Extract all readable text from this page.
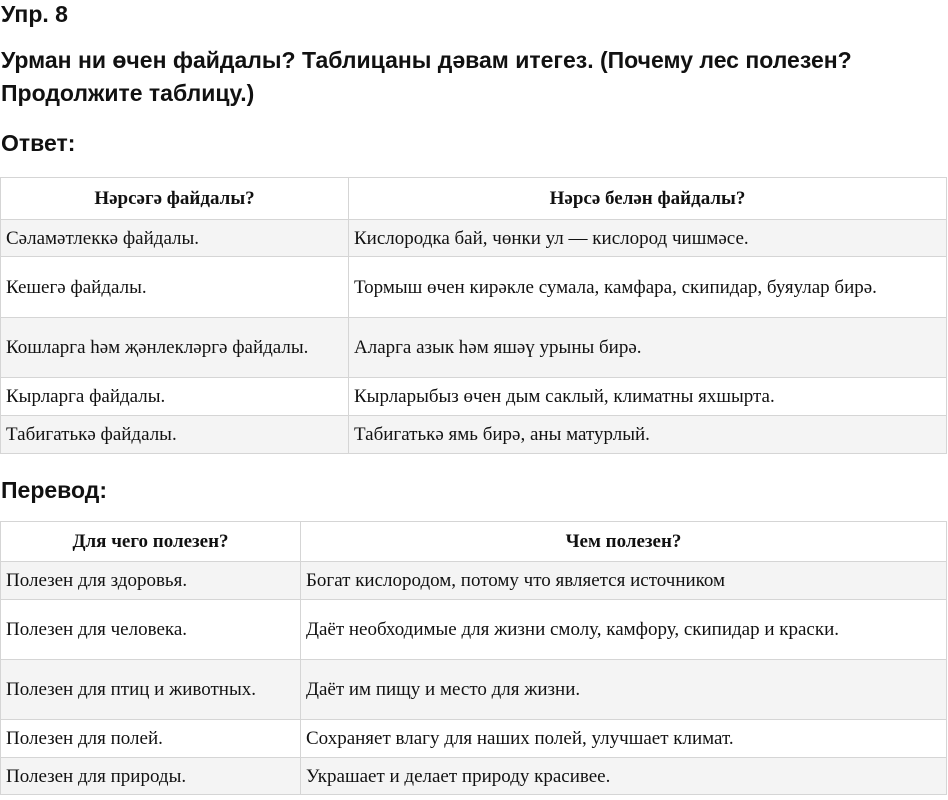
Упр. 8
Урман ни өчен файдалы? Таблицаны дәвам итегез. (Почему лес полезен? Продолжите таблицу.)
Ответ:
Нәрсәгә файдалы?	Нәрсә белән файдалы?
Сәламәтлеккә файдалы.	Кислородка бай, чөнки ул — кислород чишмәсе.
Кешегә файдалы.	Тормыш өчен кирәкле сумала, камфара, скипидар, буяулар бирә.
Кошларга һәм җәнлекләргә файдалы.	Аларга азык һәм яшәү урыны бирә.
Кырларга файдалы.	Кырларыбыз өчен дым саклый, климатны яхшырта.
Табигатькә файдалы.	Табигатькә ямь бирә, аны матурлый.
Перевод:
Для чего полезен?	Чем полезен?
Полезен для здоровья.	Богат кислородом, потому что является источником
Полезен для человека.	Даёт необходимые для жизни смолу, камфору, скипидар и краски.
Полезен для птиц и животных.	Даёт им пищу и место для жизни.
Полезен для полей.	Сохраняет влагу для наших полей, улучшает климат.
Полезен для природы.	Украшает и делает природу красивее.
